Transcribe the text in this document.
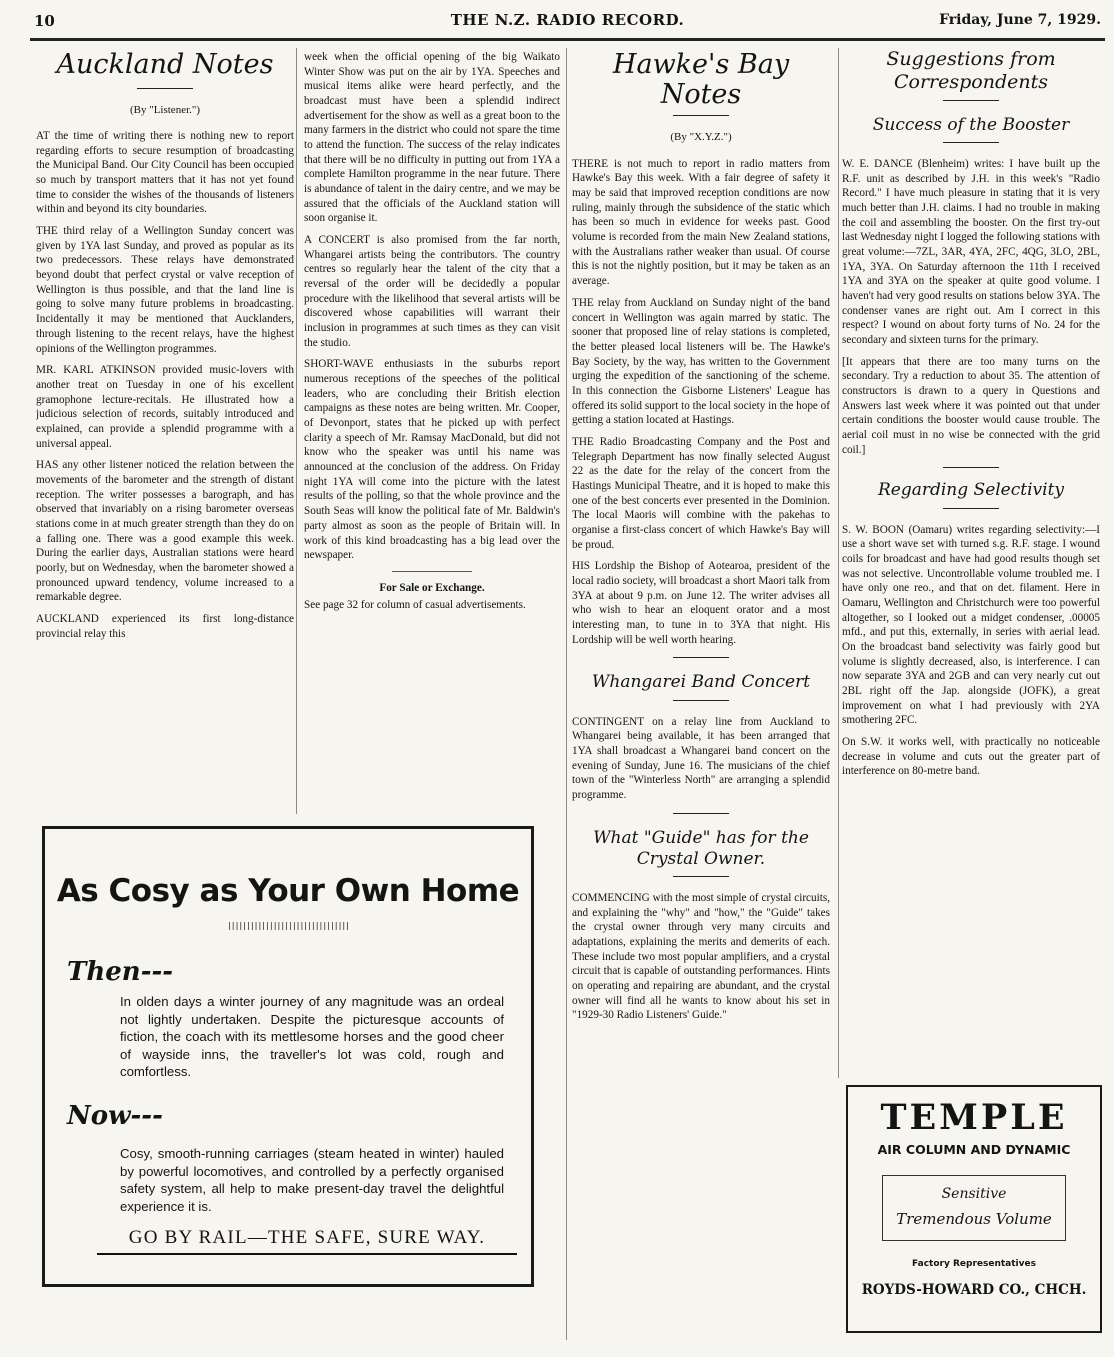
10	THE N.Z. RADIO RECORD.	Friday, June 7, 1929.
Auckland Notes
(By "Listener.")

AT the time of writing there is nothing new to report regarding efforts to secure resumption of broadcasting the Municipal Band. Our City Council has been occupied so much by transport matters that it has not yet found time to consider the wishes of the thousands of listeners within and beyond its city boundaries.

THE third relay of a Wellington Sunday concert was given by 1YA last Sunday, and proved as popular as its two predecessors. These relays have demonstrated beyond doubt that perfect crystal or valve reception of Wellington is thus possible, and that the land line is going to solve many future problems in broadcasting. Incidentally it may be mentioned that Aucklanders, through listening to the recent relays, have the highest opinions of the Wellington programmes.

MR. KARL ATKINSON provided music-lovers with another treat on Tuesday in one of his excellent gramophone lecture-recitals. He illustrated how a judicious selection of records, suitably introduced and explained, can provide a splendid programme with a universal appeal.

HAS any other listener noticed the relation between the movements of the barometer and the strength of distant reception. The writer possesses a barograph, and has observed that invariably on a rising barometer overseas stations come in at much greater strength than they do on a falling one. There was a good example this week. During the earlier days, Australian stations were heard poorly, but on Wednesday, when the barometer showed a pronounced upward tendency, volume increased to a remarkable degree.

AUCKLAND experienced its first long-distance provincial relay this

week when the official opening of the big Waikato Winter Show was put on the air by 1YA. Speeches and musical items alike were heard perfectly, and the broadcast must have been a splendid indirect advertisement for the show as well as a great boon to the many farmers in the district who could not spare the time to attend the function. The success of the relay indicates that there will be no difficulty in putting out from 1YA a complete Hamilton programme in the near future. There is abundance of talent in the dairy centre, and we may be assured that the officials of the Auckland station will soon organise it.

A CONCERT is also promised from the far north, Whangarei artists being the contributors. The country centres so regularly hear the talent of the city that a reversal of the order will be decidedly a popular procedure with the likelihood that several artists will be discovered whose capabilities will warrant their inclusion in programmes at such times as they can visit the studio.

SHORT-WAVE enthusiasts in the suburbs report numerous receptions of the speeches of the political leaders, who are concluding their British election campaigns as these notes are being written. Mr. Cooper, of Devonport, states that he picked up with perfect clarity a speech of Mr. Ramsay MacDonald, but did not know who the speaker was until his name was announced at the conclusion of the address. On Friday night 1YA will come into the picture with the latest results of the polling, so that the whole province and the South Seas will know the political fate of Mr. Baldwin's party almost as soon as the people of Britain will. In work of this kind broadcasting has a big lead over the newspaper.

For Sale or Exchange.

See page 32 for column of casual advertisements.

Hawke's Bay
Notes
(By "X.Y.Z.")

THERE is not much to report in radio matters from Hawke's Bay this week. With a fair degree of safety it may be said that improved reception conditions are now ruling, mainly through the subsidence of the static which has been so much in evidence for weeks past. Good volume is recorded from the main New Zealand stations, with the Australians rather weaker than usual. Of course this is not the nightly position, but it may be taken as an average.

THE relay from Auckland on Sunday night of the band concert in Wellington was again marred by static. The sooner that proposed line of relay stations is completed, the better pleased local listeners will be. The Hawke's Bay Society, by the way, has written to the Government urging the expedition of the sanctioning of the scheme. In this connection the Gisborne Listeners' League has offered its solid support to the local society in the hope of getting a station located at Hastings.

THE Radio Broadcasting Company and the Post and Telegraph Department has now finally selected August 22 as the date for the relay of the concert from the Hastings Municipal Theatre, and it is hoped to make this one of the best concerts ever presented in the Dominion. The local Maoris will combine with the pakehas to organise a first-class concert of which Hawke's Bay will be proud.

HIS Lordship the Bishop of Aotearoa, president of the local radio society, will broadcast a short Maori talk from 3YA at about 9 p.m. on June 12. The writer advises all who wish to hear an eloquent orator and a most interesting man, to tune in to 3YA that night. His Lordship will be well worth hearing.

Whangarei Band Concert

CONTINGENT on a relay line from Auckland to Whangarei being available, it has been arranged that 1YA shall broadcast a Whangarei band concert on the evening of Sunday, June 16. The musicians of the chief town of the "Winterless North" are arranging a splendid programme.

What "Guide" has for the
Crystal Owner.

COMMENCING with the most simple of crystal circuits, and explaining the "why" and "how," the "Guide" takes the crystal owner through very many circuits and adaptations, explaining the merits and demerits of each. These include two most popular amplifiers, and a crystal circuit that is capable of outstanding performances. Hints on operating and repairing are abundant, and the crystal owner will find all he wants to know about his set in "1929-30 Radio Listeners' Guide."

Suggestions from
Correspondents
Success of the Booster

W. E. DANCE (Blenheim) writes: I have built up the R.F. unit as described by J.H. in this week's "Radio Record." I have much pleasure in stating that it is very much better than J.H. claims. I had no trouble in making the coil and assembling the booster. On the first try-out last Wednesday night I logged the following stations with great volume:—7ZL, 3AR, 4YA, 2FC, 4QG, 3LO, 2BL, 1YA, 3YA. On Saturday afternoon the 11th I received 1YA and 3YA on the speaker at quite good volume. I haven't had very good results on stations below 3YA. The condenser vanes are right out. Am I correct in this respect? I wound on about forty turns of No. 24 for the secondary and sixteen turns for the primary.

[It appears that there are too many turns on the secondary. Try a reduction to about 35. The attention of constructors is drawn to a query in Questions and Answers last week where it was pointed out that under certain conditions the booster would cause trouble. The aerial coil must in no wise be connected with the grid coil.]

Regarding Selectivity

S. W. BOON (Oamaru) writes regarding selectivity:—I use a short wave set with turned s.g. R.F. stage. I wound coils for broadcast and have had good results though set was not selective. Uncontrollable volume troubled me. I have only one reo., and that on det. filament. Here in Oamaru, Wellington and Christchurch were too powerful altogether, so I looked out a midget condenser, .00005 mfd., and put this, externally, in series with aerial lead. On the broadcast band selectivity was fairly good but volume is slightly decreased, also, is interference. I can now separate 3YA and 2GB and can very nearly cut out 2BL right off the Jap. alongside (JOFK), a great improvement on what I had previously with 2YA smothering 2FC.

On S.W. it works well, with practically no noticeable decrease in volume and cuts out the greater part of interference on 80-metre band.

As Cosy as Your Own Home
||||||||||||||||||||||||||||||||
Then---
In olden days a winter journey of any magnitude was an ordeal not lightly undertaken. Despite the picturesque accounts of fiction, the coach with its mettlesome horses and the good cheer of wayside inns, the traveller's lot was cold, rough and comfortless.
Now---
Cosy, smooth-running carriages (steam heated in winter) hauled by powerful locomotives, and controlled by a perfectly organised safety system, all help to make present-day travel the delightful experience it is.
GO BY RAIL—THE SAFE, SURE WAY.
TEMPLE
AIR COLUMN AND DYNAMIC
Sensitive
Tremendous Volume
Factory Representatives
ROYDS-HOWARD CO., CHCH.
